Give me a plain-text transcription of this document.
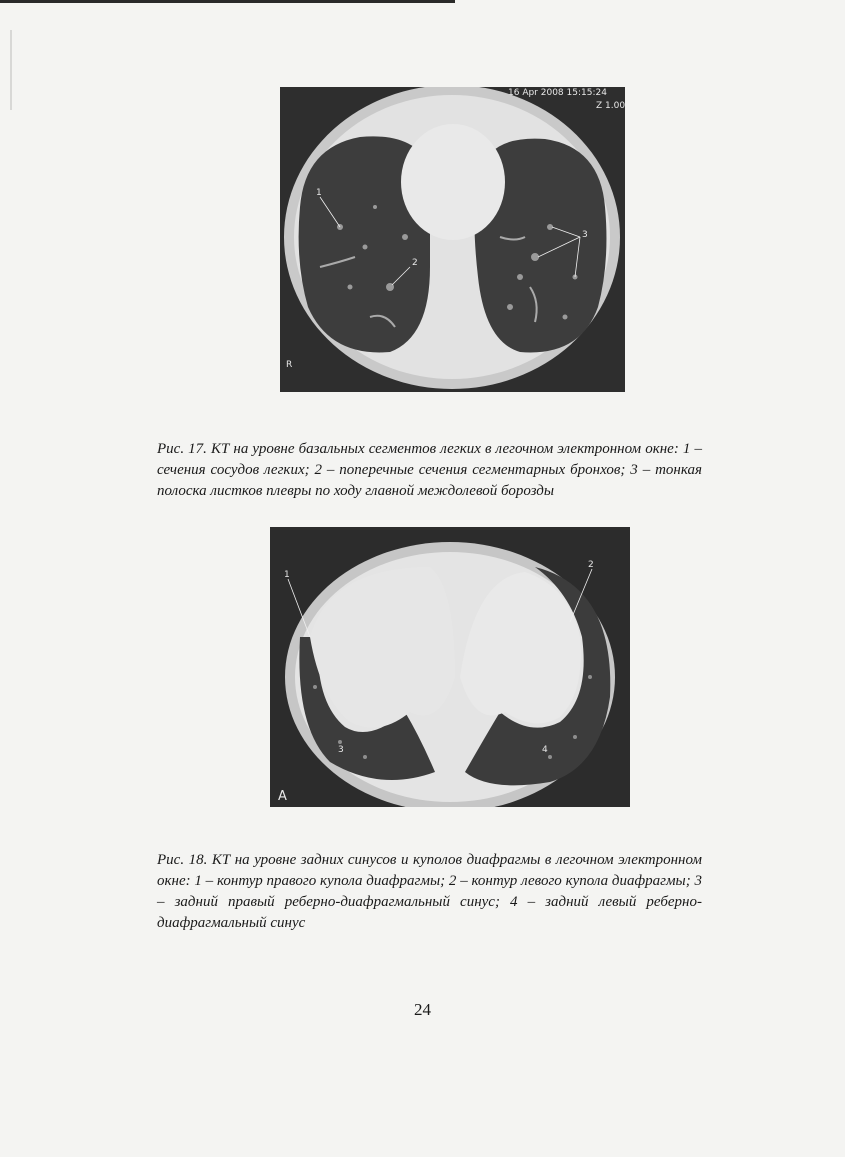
16 Apr 2008 15:15:24
Z 1.00
R
1
2
3

Рис. 17. КТ на уровне базальных сегментов легких в легочном электронном окне: 1 – сечения сосудов легких; 2 – поперечные сечения сегментарных бронхов; 3 – тонкая полоска листков плевры по ходу главной междолевой борозды

1
2
3	4
A

Рис. 18. КТ на уровне задних синусов и куполов диафрагмы в легочном электронном окне: 1 – контур правого купола диафрагмы; 2 – контур левого купола диафрагмы; 3 – задний правый реберно-диафрагмальный синус; 4 – задний левый реберно-диафрагмальный синус

24
